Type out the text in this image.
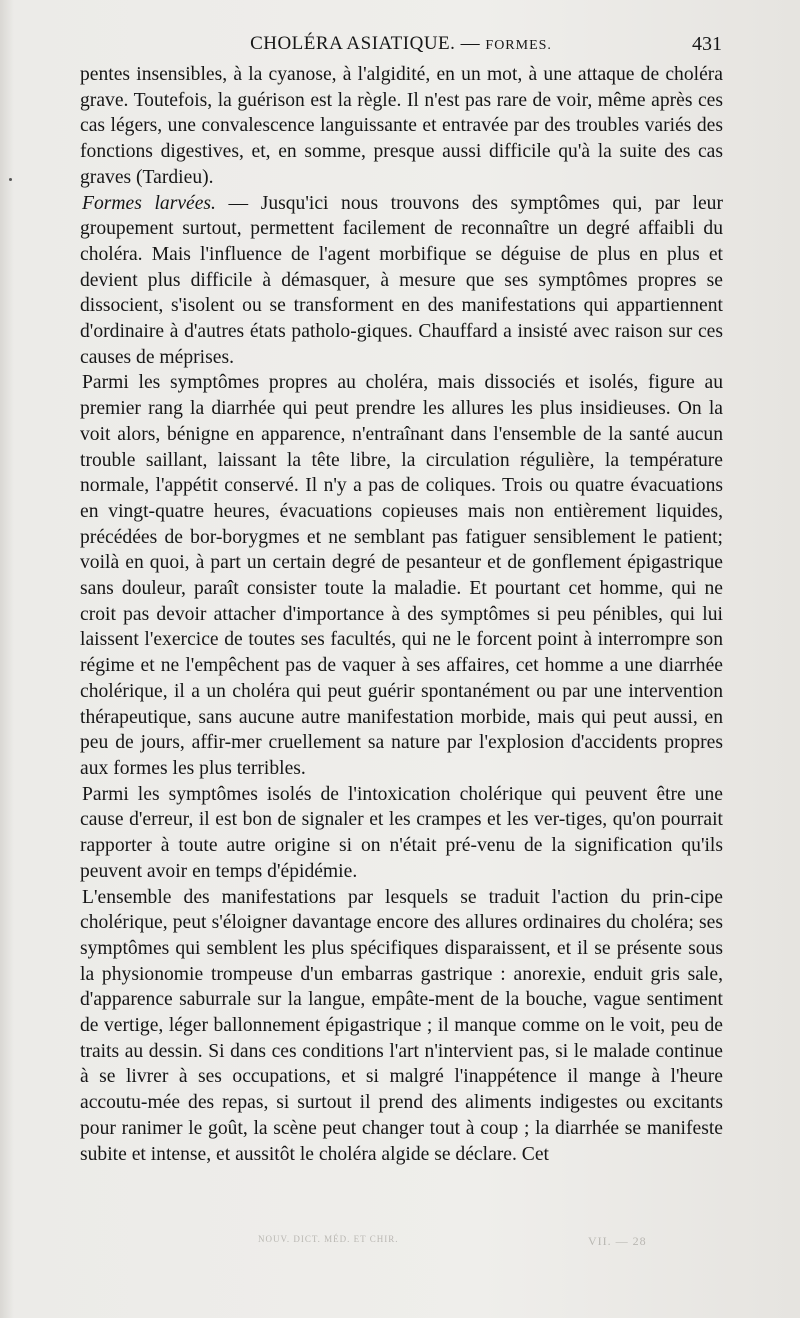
CHOLÉRA ASIATIQUE. — FORMES.	431

pentes insensibles, à la cyanose, à l'algidité, en un mot, à une attaque de choléra grave. Toutefois, la guérison est la règle. Il n'est pas rare de voir, même après ces cas légers, une convalescence languissante et entravée par des troubles variés des fonctions digestives, et, en somme, presque aussi difficile qu'à la suite des cas graves (Tardieu).

Formes larvées. — Jusqu'ici nous trouvons des symptômes qui, par leur groupement surtout, permettent facilement de reconnaître un degré affaibli du choléra. Mais l'influence de l'agent morbifique se déguise de plus en plus et devient plus difficile à démasquer, à mesure que ses symptômes propres se dissocient, s'isolent ou se transforment en des manifestations qui appartiennent d'ordinaire à d'autres états patholo-giques. Chauffard a insisté avec raison sur ces causes de méprises.

Parmi les symptômes propres au choléra, mais dissociés et isolés, figure au premier rang la diarrhée qui peut prendre les allures les plus insidieuses. On la voit alors, bénigne en apparence, n'entraînant dans l'ensemble de la santé aucun trouble saillant, laissant la tête libre, la circulation régulière, la température normale, l'appétit conservé. Il n'y a pas de coliques. Trois ou quatre évacuations en vingt-quatre heures, évacuations copieuses mais non entièrement liquides, précédées de bor-borygmes et ne semblant pas fatiguer sensiblement le patient; voilà en quoi, à part un certain degré de pesanteur et de gonflement épigastrique sans douleur, paraît consister toute la maladie. Et pourtant cet homme, qui ne croit pas devoir attacher d'importance à des symptômes si peu pénibles, qui lui laissent l'exercice de toutes ses facultés, qui ne le forcent point à interrompre son régime et ne l'empêchent pas de vaquer à ses affaires, cet homme a une diarrhée cholérique, il a un choléra qui peut guérir spontanément ou par une intervention thérapeutique, sans aucune autre manifestation morbide, mais qui peut aussi, en peu de jours, affir-mer cruellement sa nature par l'explosion d'accidents propres aux formes les plus terribles.

Parmi les symptômes isolés de l'intoxication cholérique qui peuvent être une cause d'erreur, il est bon de signaler et les crampes et les ver-tiges, qu'on pourrait rapporter à toute autre origine si on n'était pré-venu de la signification qu'ils peuvent avoir en temps d'épidémie.

L'ensemble des manifestations par lesquels se traduit l'action du prin-cipe cholérique, peut s'éloigner davantage encore des allures ordinaires du choléra; ses symptômes qui semblent les plus spécifiques disparaissent, et il se présente sous la physionomie trompeuse d'un embarras gastrique : anorexie, enduit gris sale, d'apparence saburrale sur la langue, empâte-ment de la bouche, vague sentiment de vertige, léger ballonnement épigastrique ; il manque comme on le voit, peu de traits au dessin. Si dans ces conditions l'art n'intervient pas, si le malade continue à se livrer à ses occupations, et si malgré l'inappétence il mange à l'heure accoutu-mée des repas, si surtout il prend des aliments indigestes ou excitants pour ranimer le goût, la scène peut changer tout à coup ; la diarrhée se manifeste subite et intense, et aussitôt le choléra algide se déclare. Cet

NOUV. DICT. MÉD. ET CHIR.	VII. — 28
